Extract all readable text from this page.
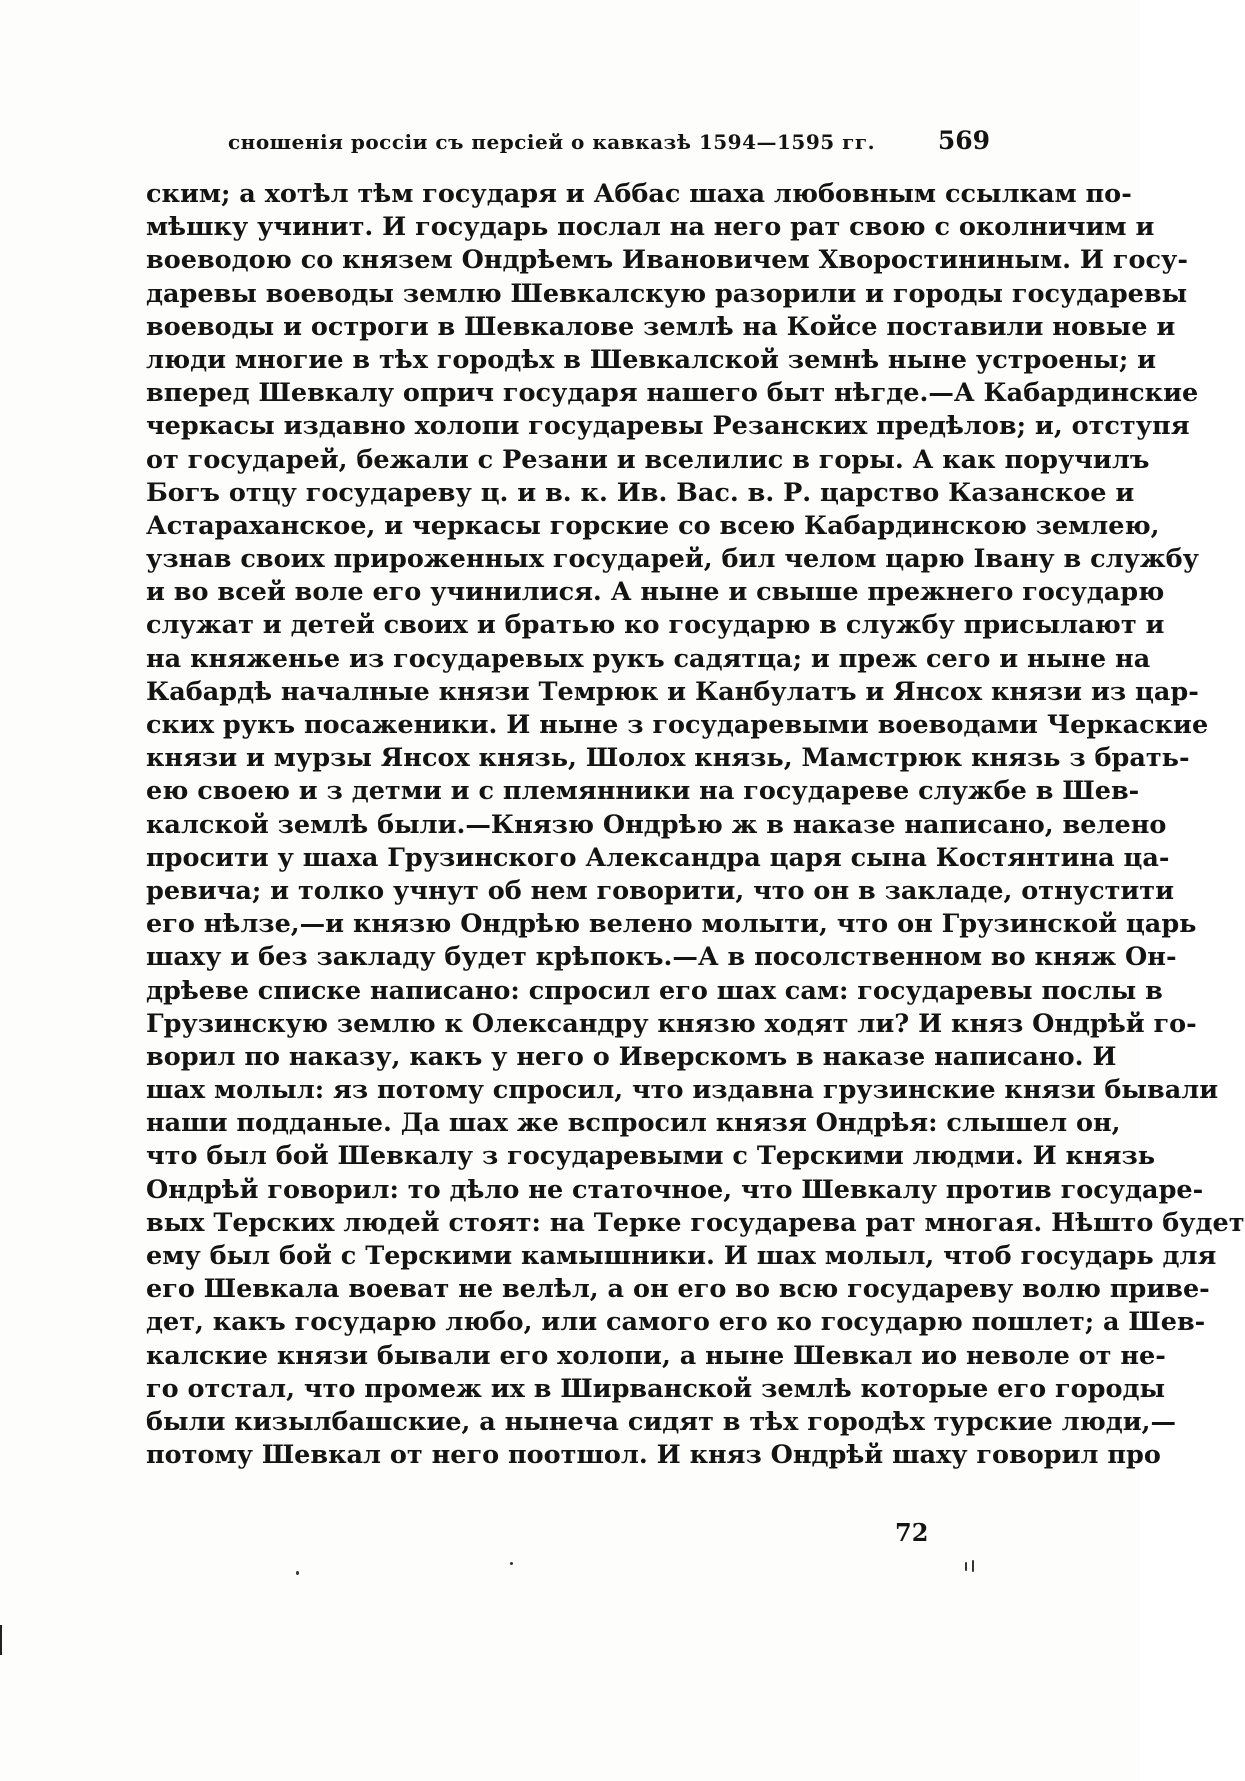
сношенія россіи съ персіей о кавказѣ 1594—1595 гг.	569
ским; а хотѣл тѣм государя и Аббас шаха любовным ссылкам по-
мѣшку учинит. И государь послал на него рат свою с околничим и
воеводою со князем Ондрѣемъ Ивановичем Хворостининым. И госу-
даревы воеводы землю Шевкалскую разорили и городы государевы
воеводы и остроги в Шевкалове землѣ на Койсе поставили новые и
люди многие в тѣх городѣх в Шевкалской земнѣ ныне устроены; и
вперед Шевкалу оприч государя нашего быт нѣгде.—А Кабардинские
черкасы издавно холопи государевы Резанских предѣлов; и, отступя
от государей, бежали с Резани и вселилис в горы. А как поручилъ
Богъ отцу государеву ц. и в. к. Ив. Вас. в. Р. царство Казанское и
Астараханское, и черкасы горские со всею Кабардинскою землею,
узнав своих прироженных государей, бил челом царю Івану в службу
и во всей воле его учинилися. А ныне и свыше прежнего государю
служат и детей своих и братью ко государю в службу присылают и
на княженье из государевых рукъ садятца; и преж сего и ныне на
Кабардѣ началные князи Темрюк и Канбулатъ и Янсох князи из цар-
ских рукъ посаженики. И ныне з государевыми воеводами Черкаские
князи и мурзы Янсох князь, Шолох князь, Мамстрюк князь з брать-
ею своею и з детми и с племянники на государеве службе в Шев-
калской землѣ были.—Князю Ондрѣю ж в наказе написано, велено
просити у шаха Грузинского Александра царя сына Костянтина ца-
ревича; и толко учнут об нем говорити, что он в закладе, отнустити
его нѣлзе,—и князю Ондрѣю велено молыти, что он Грузинской царь
шаху и без закладу будет крѣпокъ.—А в посолственном во княж Он-
дрѣеве списке написано: спросил его шах сам: государевы послы в
Грузинскую землю к Олександру князю ходят ли? И княз Ондрѣй го-
ворил по наказу, какъ у него о Иверскомъ в наказе написано. И
шах молыл: яз потому спросил, что издавна грузинские князи бывали
наши подданые. Да шах же вспросил князя Ондрѣя: слышел он,
что был бой Шевкалу з государевыми с Терскими людми. И князь
Ондрѣй говорил: то дѣло не статочное, что Шевкалу против государе-
вых Терских людей стоят: на Терке государева рат многая. Нѣшто будет
ему был бой с Терскими камышники. И шах молыл, чтоб государь для
его Шевкала воеват не велѣл, а он его во всю государеву волю приве-
дет, какъ государю любо, или самого его ко государю пошлет; а Шев-
калские князи бывали его холопи, а ныне Шевкал ио неволе от не-
го отстал, что промеж их в Ширванской землѣ которые его городы
были кизылбашские, а нынеча сидят в тѣх городѣх турские люди,—
потому Шевкал от него поотшол. И княз Ондрѣй шаху говорил про
72
